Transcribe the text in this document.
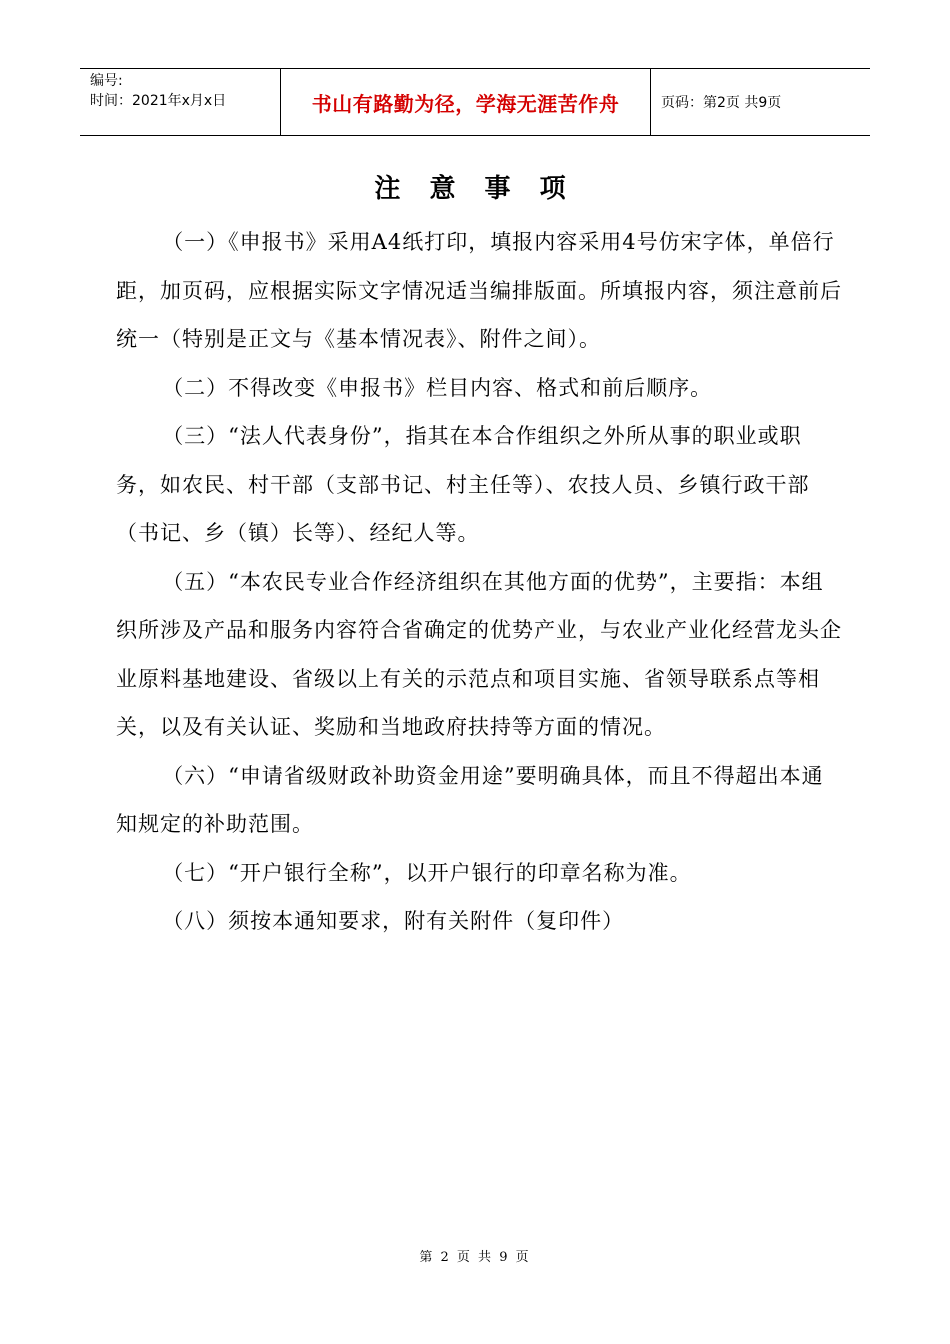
编号:
时间：2021年x月x日	书山有路勤为径，学海无涯苦作舟	页码：第2页 共9页
注 意 事 项

（一）《申报书》采用A4纸打印，填报内容采用4号仿宋字体，单倍行距，加页码，应根据实际文字情况适当编排版面。所填报内容，须注意前后统一（特别是正文与《基本情况表》、附件之间）。

（二）不得改变《申报书》栏目内容、格式和前后顺序。

（三）“法人代表身份”，指其在本合作组织之外所从事的职业或职务，如农民、村干部（支部书记、村主任等）、农技人员、乡镇行政干部（书记、乡（镇）长等）、经纪人等。

（五）“本农民专业合作经济组织在其他方面的优势”，主要指：本组织所涉及产品和服务内容符合省确定的优势产业，与农业产业化经营龙头企业原料基地建设、省级以上有关的示范点和项目实施、省领导联系点等相关，以及有关认证、奖励和当地政府扶持等方面的情况。

（六）“申请省级财政补助资金用途”要明确具体，而且不得超出本通知规定的补助范围。

（七）“开户银行全称”，以开户银行的印章名称为准。

（八）须按本通知要求，附有关附件（复印件）

第 2 页 共 9 页
